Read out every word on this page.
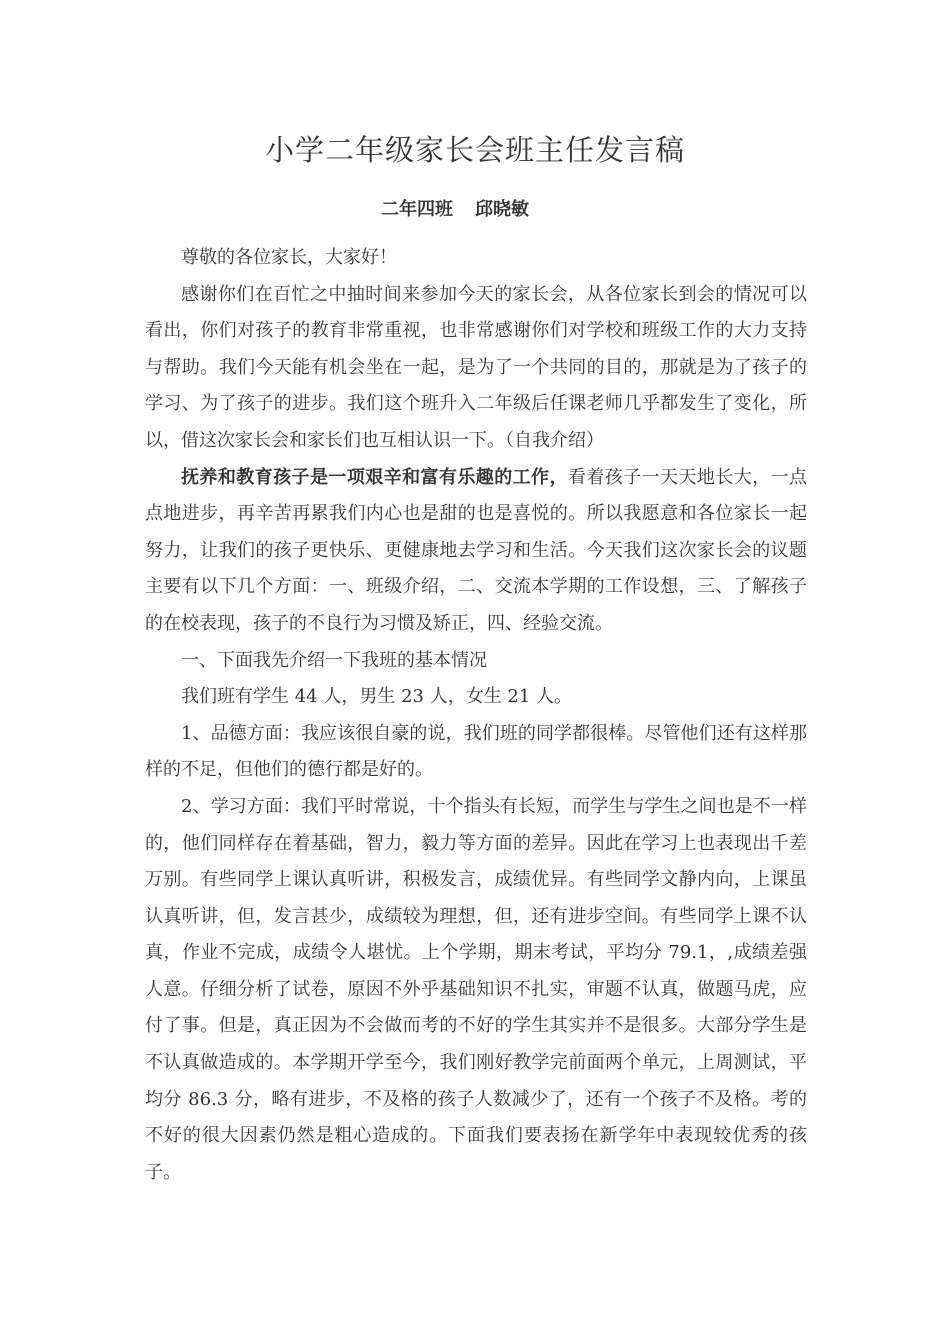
小学二年级家长会班主任发言稿
二年四班 邱晓敏

尊敬的各位家长，大家好！

感谢你们在百忙之中抽时间来参加今天的家长会，从各位家长到会的情况可以看出，你们对孩子的教育非常重视，也非常感谢你们对学校和班级工作的大力支持与帮助。我们今天能有机会坐在一起，是为了一个共同的目的，那就是为了孩子的学习、为了孩子的进步。我们这个班升入二年级后任课老师几乎都发生了变化，所以，借这次家长会和家长们也互相认识一下。（自我介绍）

抚养和教育孩子是一项艰辛和富有乐趣的工作，看着孩子一天天地长大，一点点地进步，再辛苦再累我们内心也是甜的也是喜悦的。所以我愿意和各位家长一起努力，让我们的孩子更快乐、更健康地去学习和生活。今天我们这次家长会的议题主要有以下几个方面：一、班级介绍，二、交流本学期的工作设想，三、了解孩子的在校表现，孩子的不良行为习惯及矫正，四、经验交流。

一、下面我先介绍一下我班的基本情况

我们班有学生 44 人，男生 23 人，女生 21 人。

1、品德方面：我应该很自豪的说，我们班的同学都很棒。尽管他们还有这样那样的不足，但他们的德行都是好的。

2、学习方面：我们平时常说，十个指头有长短，而学生与学生之间也是不一样的，他们同样存在着基础，智力，毅力等方面的差异。因此在学习上也表现出千差万别。有些同学上课认真听讲，积极发言，成绩优异。有些同学文静内向，上课虽认真听讲，但，发言甚少，成绩较为理想，但，还有进步空间。有些同学上课不认真，作业不完成，成绩令人堪忧。上个学期，期末考试，平均分 79.1，,成绩差强人意。仔细分析了试卷，原因不外乎基础知识不扎实，审题不认真，做题马虎，应付了事。但是，真正因为不会做而考的不好的学生其实并不是很多。大部分学生是不认真做造成的。本学期开学至今，我们刚好教学完前面两个单元，上周测试，平均分 86.3 分，略有进步，不及格的孩子人数减少了，还有一个孩子不及格。考的不好的很大因素仍然是粗心造成的。下面我们要表扬在新学年中表现较优秀的孩子。
